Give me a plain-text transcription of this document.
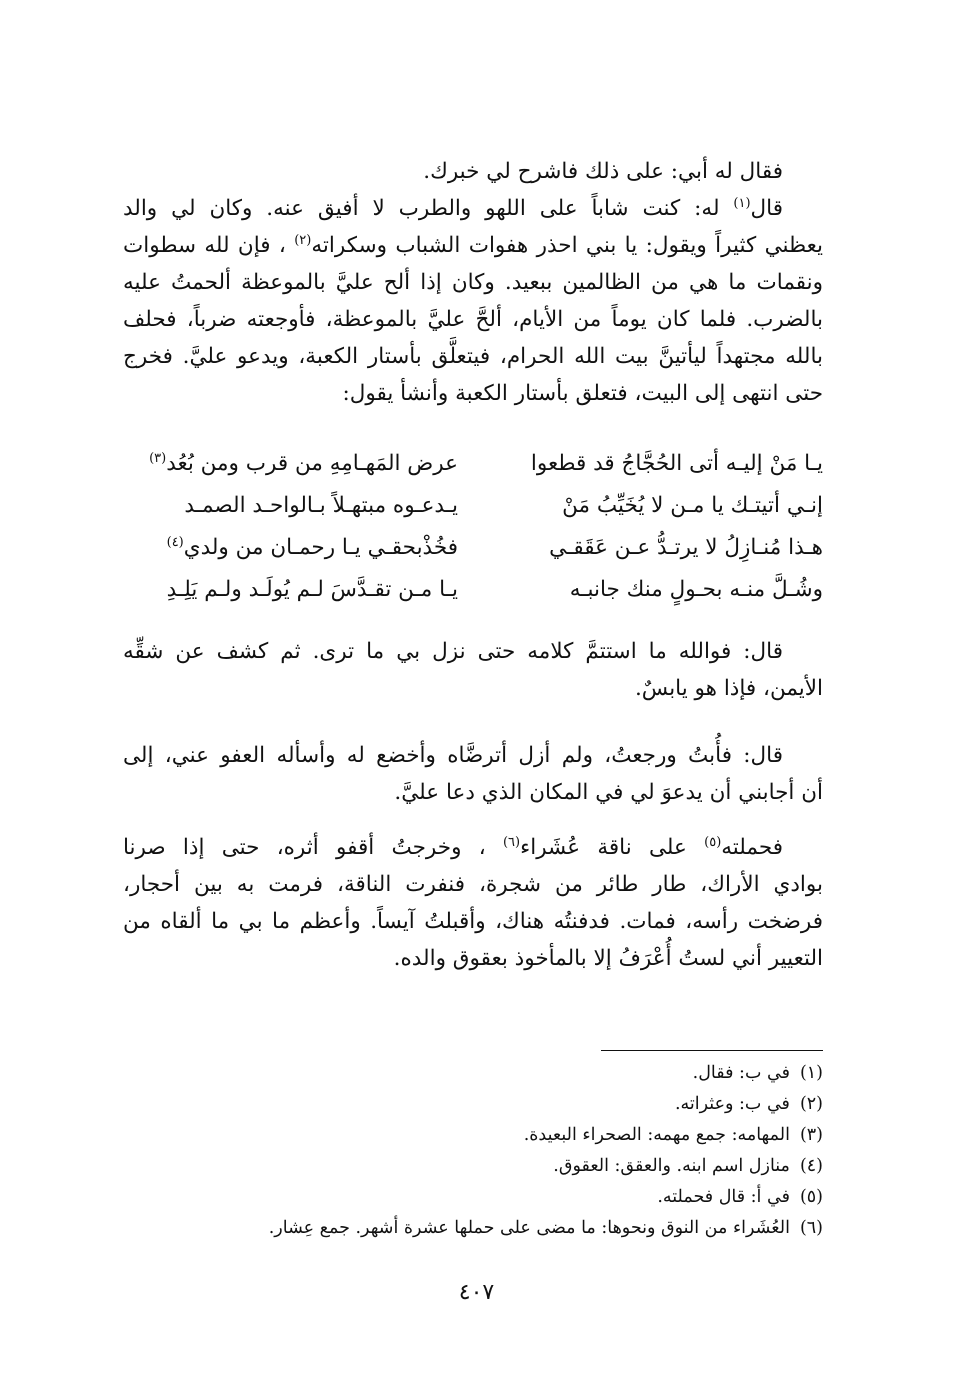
فقال له أبي: على ذلك فاشرح لي خبرك.
قال$^{(١)}$ له: كنت شاباً على اللهو والطرب لا أفيق عنه. وكان لي والد
يعظني كثيراً ويقول: يا بني احذر هفوات الشباب وسكراته$^{(٢)}$ ، فإن لله سطوات
ونقمات ما هي من الظالمين ببعيد. وكان إذا ألح عليَّ بالموعظة ألحمتُ عليه
بالضرب. فلما كان يوماً من الأيام، ألحَّ عليَّ بالموعظة، فأوجعته ضرباً، فحلف
بالله مجتهداً ليأتينَّ بيت الله الحرام، فيتعلَّق بأستار الكعبة، ويدعو عليَّ. فخرج
حتى انتهى إلى البيت، فتعلق بأستار الكعبة وأنشأ يقول:
يـا مَنْ إليـه أتى الحُجَّاجُ قد قطعوا
عرض المَهـامِهِ من قرب ومن بُعُد$^{(٣)}$
إنـي أتيتـك يا مـن لا يُخَيِّبُ مَنْ
يـدعـوه مبتهـلاً بـالواحـد الصمـد
هـذا مُنـازِلُ لا يرتـدُّ عـن عَقَقـي
فخُذْبحقـي يـا رحمـان من ولدي$^{(٤)}$
وشُـلَّ منـه بحـولٍ منك جانبـه
يـا مـن تقـدَّسَ لـم يُولَـد ولـم يَلِـدِ
قال: فوالله ما استتمَّ كلامه حتى نزل بي ما ترى. ثم كشف عن شقِّه
الأيمن، فإذا هو يابسٌ.
قال: فأُبتُ ورجعتُ، ولم أزل أترضَّاه وأخضع له وأسأله العفو عني، إلى
أن أجابني أن يدعوَ لي في المكان الذي دعا عليَّ.
فحملته$^{(٥)}$ على ناقة عُشَراء$^{(٦)}$ ، وخرجتُ أقفو أثره، حتى إذا صرنا
بوادي الأراك، طار طائر من شجرة، فنفرت الناقة، فرمت به بين أحجار،
فرضخت رأسه، فمات. فدفنتُه هناك، وأقبلتُ آيساً. وأعظم ما بي ما ألقاه من
التعيير أني لستُ أُعْرَفُ إلا بالمأخوذ بعقوق والده.
(١)في ب: فقال.
(٢)في ب: وعثراته.
(٣)المهامه: جمع مهمه: الصحراء البعيدة.
(٤)منازل اسم ابنه. والعقق: العقوق.
(٥)في أ: قال فحملته.
(٦)العُشَراء من النوق ونحوها: ما مضى على حملها عشرة أشهر. جمع عِشار.
٤٠٧
